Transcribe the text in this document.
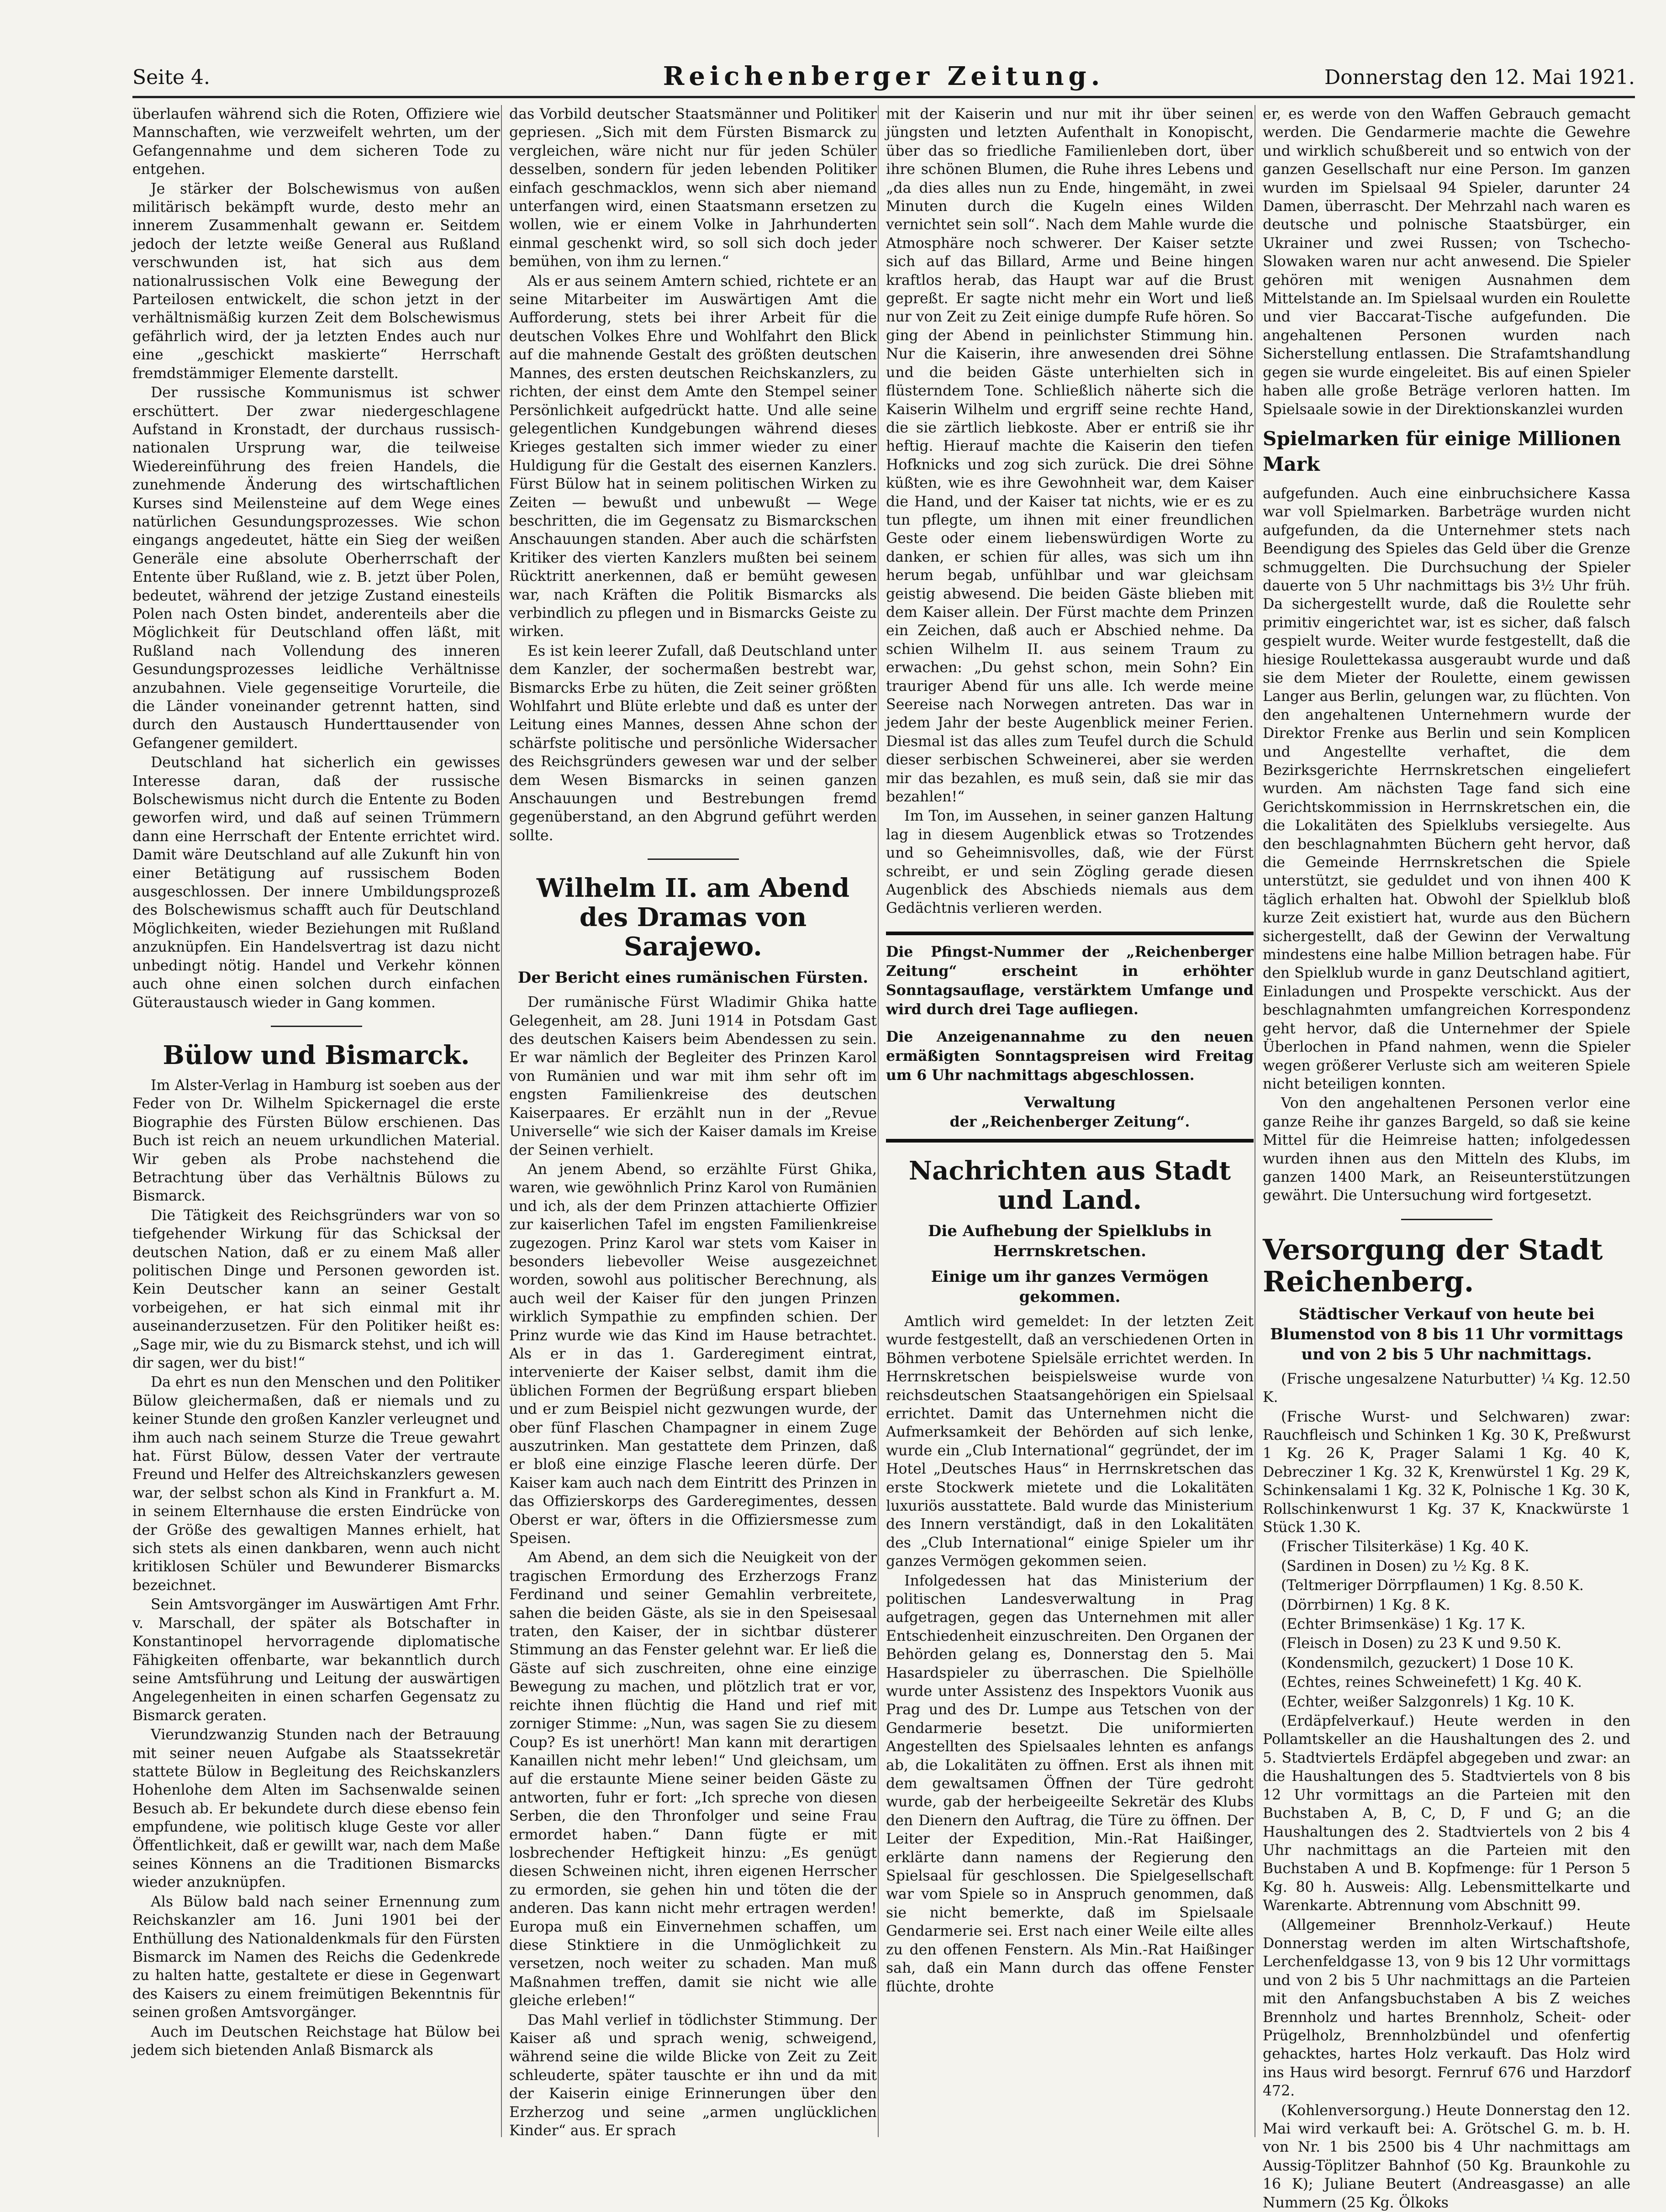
Seite 4.	Reichenberger Zeitung.	Donnerstag den 12. Mai 1921.

überlaufen während sich die Roten, Offiziere wie Mannschaften, wie verzweifelt wehrten, um der Gefangennahme und dem sicheren Tode zu entgehen.

Je stärker der Bolschewismus von außen militärisch bekämpft wurde, desto mehr an innerem Zusammenhalt gewann er. Seitdem jedoch der letzte weiße General aus Rußland verschwunden ist, hat sich aus dem nationalrussischen Volk eine Bewegung der Parteilosen entwickelt, die schon jetzt in der verhältnismäßig kurzen Zeit dem Bolschewismus gefährlich wird, der ja letzten Endes auch nur eine „geschickt maskierte“ Herrschaft fremdstämmiger Elemente darstellt.

Der russische Kommunismus ist schwer erschüttert. Der zwar niedergeschlagene Aufstand in Kronstadt, der durchaus russisch-nationalen Ursprung war, die teilweise Wiedereinführung des freien Handels, die zunehmende Änderung des wirtschaftlichen Kurses sind Meilensteine auf dem Wege eines natürlichen Gesundungsprozesses. Wie schon eingangs angedeutet, hätte ein Sieg der weißen Generäle eine absolute Oberherrschaft der Entente über Rußland, wie z. B. jetzt über Polen, bedeutet, während der jetzige Zustand einesteils Polen nach Osten bindet, anderenteils aber die Möglichkeit für Deutschland offen läßt, mit Rußland nach Vollendung des inneren Gesundungsprozesses leidliche Verhältnisse anzubahnen. Viele gegenseitige Vorurteile, die die Länder voneinander getrennt hatten, sind durch den Austausch Hunderttausender von Gefangener gemildert.

Deutschland hat sicherlich ein gewisses Interesse daran, daß der russische Bolschewismus nicht durch die Entente zu Boden geworfen wird, und daß auf seinen Trümmern dann eine Herrschaft der Entente errichtet wird. Damit wäre Deutschland auf alle Zukunft hin von einer Betätigung auf russischem Boden ausgeschlossen. Der innere Umbildungsprozeß des Bolschewismus schafft auch für Deutschland Möglichkeiten, wieder Beziehungen mit Rußland anzuknüpfen. Ein Handelsvertrag ist dazu nicht unbedingt nötig. Handel und Verkehr können auch ohne einen solchen durch einfachen Güteraustausch wieder in Gang kommen.

Bülow und Bismarck.

Im Alster-Verlag in Hamburg ist soeben aus der Feder von Dr. Wilhelm Spickernagel die erste Biographie des Fürsten Bülow erschienen. Das Buch ist reich an neuem urkundlichen Material. Wir geben als Probe nachstehend die Betrachtung über das Verhältnis Bülows zu Bismarck.

Die Tätigkeit des Reichsgründers war von so tiefgehender Wirkung für das Schicksal der deutschen Nation, daß er zu einem Maß aller politischen Dinge und Personen geworden ist. Kein Deutscher kann an seiner Gestalt vorbeigehen, er hat sich einmal mit ihr auseinanderzusetzen. Für den Politiker heißt es: „Sage mir, wie du zu Bismarck stehst, und ich will dir sagen, wer du bist!“

Da ehrt es nun den Menschen und den Politiker Bülow gleichermaßen, daß er niemals und zu keiner Stunde den großen Kanzler verleugnet und ihm auch nach seinem Sturze die Treue gewahrt hat. Fürst Bülow, dessen Vater der vertraute Freund und Helfer des Altreichskanzlers gewesen war, der selbst schon als Kind in Frankfurt a. M. in seinem Elternhause die ersten Eindrücke von der Größe des gewaltigen Mannes erhielt, hat sich stets als einen dankbaren, wenn auch nicht kritiklosen Schüler und Bewunderer Bismarcks bezeichnet.

Sein Amtsvorgänger im Auswärtigen Amt Frhr. v. Marschall, der später als Botschafter in Konstantinopel hervorragende diplomatische Fähigkeiten offenbarte, war bekanntlich durch seine Amtsführung und Leitung der auswärtigen Angelegenheiten in einen scharfen Gegensatz zu Bismarck geraten.

Vierundzwanzig Stunden nach der Betrauung mit seiner neuen Aufgabe als Staatssekretär stattete Bülow in Begleitung des Reichskanzlers Hohenlohe dem Alten im Sachsenwalde seinen Besuch ab. Er bekundete durch diese ebenso fein empfundene, wie politisch kluge Geste vor aller Öffentlichkeit, daß er gewillt war, nach dem Maße seines Könnens an die Traditionen Bismarcks wieder anzuknüpfen.

Als Bülow bald nach seiner Ernennung zum Reichskanzler am 16. Juni 1901 bei der Enthüllung des Nationaldenkmals für den Fürsten Bismarck im Namen des Reichs die Gedenkrede zu halten hatte, gestaltete er diese in Gegenwart des Kaisers zu einem freimütigen Bekenntnis für seinen großen Amtsvorgänger.

Auch im Deutschen Reichstage hat Bülow bei jedem sich bietenden Anlaß Bismarck als

das Vorbild deutscher Staatsmänner und Politiker gepriesen. „Sich mit dem Fürsten Bismarck zu vergleichen, wäre nicht nur für jeden Schüler desselben, sondern für jeden lebenden Politiker einfach geschmacklos, wenn sich aber niemand unterfangen wird, einen Staatsmann ersetzen zu wollen, wie er einem Volke in Jahrhunderten einmal geschenkt wird, so soll sich doch jeder bemühen, von ihm zu lernen.“

Als er aus seinem Amtern schied, richtete er an seine Mitarbeiter im Auswärtigen Amt die Aufforderung, stets bei ihrer Arbeit für die deutschen Volkes Ehre und Wohlfahrt den Blick auf die mahnende Gestalt des größten deutschen Mannes, des ersten deutschen Reichskanzlers, zu richten, der einst dem Amte den Stempel seiner Persönlichkeit aufgedrückt hatte. Und alle seine gelegentlichen Kundgebungen während dieses Krieges gestalten sich immer wieder zu einer Huldigung für die Gestalt des eisernen Kanzlers. Fürst Bülow hat in seinem politischen Wirken zu Zeiten — bewußt und unbewußt — Wege beschritten, die im Gegensatz zu Bismarckschen Anschauungen standen. Aber auch die schärfsten Kritiker des vierten Kanzlers mußten bei seinem Rücktritt anerkennen, daß er bemüht gewesen war, nach Kräften die Politik Bismarcks als verbindlich zu pflegen und in Bismarcks Geiste zu wirken.

Es ist kein leerer Zufall, daß Deutschland unter dem Kanzler, der sochermaßen bestrebt war, Bismarcks Erbe zu hüten, die Zeit seiner größten Wohlfahrt und Blüte erlebte und daß es unter der Leitung eines Mannes, dessen Ahne schon der schärfste politische und persönliche Widersacher des Reichsgründers gewesen war und der selber dem Wesen Bismarcks in seinen ganzen Anschauungen und Bestrebungen fremd gegenüberstand, an den Abgrund geführt werden sollte.

Wilhelm II. am Abend des Dramas von Sarajewo.
Der Bericht eines rumänischen Fürsten.

Der rumänische Fürst Wladimir Ghika hatte Gelegenheit, am 28. Juni 1914 in Potsdam Gast des deutschen Kaisers beim Abendessen zu sein. Er war nämlich der Begleiter des Prinzen Karol von Rumänien und war mit ihm sehr oft im engsten Familienkreise des deutschen Kaiserpaares. Er erzählt nun in der „Revue Universelle“ wie sich der Kaiser damals im Kreise der Seinen verhielt.

An jenem Abend, so erzählte Fürst Ghika, waren, wie gewöhnlich Prinz Karol von Rumänien und ich, als der dem Prinzen attachierte Offizier zur kaiserlichen Tafel im engsten Familienkreise zugezogen. Prinz Karol war stets vom Kaiser in besonders liebevoller Weise ausgezeichnet worden, sowohl aus politischer Berechnung, als auch weil der Kaiser für den jungen Prinzen wirklich Sympathie zu empfinden schien. Der Prinz wurde wie das Kind im Hause betrachtet. Als er in das 1. Garderegiment eintrat, intervenierte der Kaiser selbst, damit ihm die üblichen Formen der Begrüßung erspart blieben und er zum Beispiel nicht gezwungen wurde, der ober fünf Flaschen Champagner in einem Zuge auszutrinken. Man gestattete dem Prinzen, daß er bloß eine einzige Flasche leeren dürfe. Der Kaiser kam auch nach dem Eintritt des Prinzen in das Offizierskorps des Garderegimentes, dessen Oberst er war, öfters in die Offiziersmesse zum Speisen.

Am Abend, an dem sich die Neuigkeit von der tragischen Ermordung des Erzherzogs Franz Ferdinand und seiner Gemahlin verbreitete, sahen die beiden Gäste, als sie in den Speisesaal traten, den Kaiser, der in sichtbar düsterer Stimmung an das Fenster gelehnt war. Er ließ die Gäste auf sich zuschreiten, ohne eine einzige Bewegung zu machen, und plötzlich trat er vor, reichte ihnen flüchtig die Hand und rief mit zorniger Stimme: „Nun, was sagen Sie zu diesem Coup? Es ist unerhört! Man kann mit derartigen Kanaillen nicht mehr leben!“ Und gleichsam, um auf die erstaunte Miene seiner beiden Gäste zu antworten, fuhr er fort: „Ich spreche von diesen Serben, die den Thronfolger und seine Frau ermordet haben.“ Dann fügte er mit losbrechender Heftigkeit hinzu: „Es genügt diesen Schweinen nicht, ihren eigenen Herrscher zu ermorden, sie gehen hin und töten die der anderen. Das kann nicht mehr ertragen werden! Europa muß ein Einvernehmen schaffen, um diese Stinktiere in die Unmöglichkeit zu versetzen, noch weiter zu schaden. Man muß Maßnahmen treffen, damit sie nicht wie alle gleiche erleben!“

Das Mahl verlief in tödlichster Stimmung. Der Kaiser aß und sprach wenig, schweigend, während seine die wilde Blicke von Zeit zu Zeit schleuderte, später tauschte er ihn und da mit der Kaiserin einige Erinnerungen über den Erzherzog und seine „armen unglücklichen Kinder“ aus. Er sprach

mit der Kaiserin und nur mit ihr über seinen jüngsten und letzten Aufenthalt in Konopischt, über das so friedliche Familienleben dort, über ihre schönen Blumen, die Ruhe ihres Lebens und „da dies alles nun zu Ende, hingemäht, in zwei Minuten durch die Kugeln eines Wilden vernichtet sein soll“. Nach dem Mahle wurde die Atmosphäre noch schwerer. Der Kaiser setzte sich auf das Billard, Arme und Beine hingen kraftlos herab, das Haupt war auf die Brust gepreßt. Er sagte nicht mehr ein Wort und ließ nur von Zeit zu Zeit einige dumpfe Rufe hören. So ging der Abend in peinlichster Stimmung hin. Nur die Kaiserin, ihre anwesenden drei Söhne und die beiden Gäste unterhielten sich in flüsterndem Tone. Schließlich näherte sich die Kaiserin Wilhelm und ergriff seine rechte Hand, die sie zärtlich liebkoste. Aber er entriß sie ihr heftig. Hierauf machte die Kaiserin den tiefen Hofknicks und zog sich zurück. Die drei Söhne küßten, wie es ihre Gewohnheit war, dem Kaiser die Hand, und der Kaiser tat nichts, wie er es zu tun pflegte, um ihnen mit einer freundlichen Geste oder einem liebenswürdigen Worte zu danken, er schien für alles, was sich um ihn herum begab, unfühlbar und war gleichsam geistig abwesend. Die beiden Gäste blieben mit dem Kaiser allein. Der Fürst machte dem Prinzen ein Zeichen, daß auch er Abschied nehme. Da schien Wilhelm II. aus seinem Traum zu erwachen: „Du gehst schon, mein Sohn? Ein trauriger Abend für uns alle. Ich werde meine Seereise nach Norwegen antreten. Das war in jedem Jahr der beste Augenblick meiner Ferien. Diesmal ist das alles zum Teufel durch die Schuld dieser serbischen Schweinerei, aber sie werden mir das bezahlen, es muß sein, daß sie mir das bezahlen!“

Im Ton, im Aussehen, in seiner ganzen Haltung lag in diesem Augenblick etwas so Trotzendes und so Geheimnisvolles, daß, wie der Fürst schreibt, er und sein Zögling gerade diesen Augenblick des Abschieds niemals aus dem Gedächtnis verlieren werden.

Die Pfingst-Nummer der „Reichenberger Zeitung“ erscheint in erhöhter Sonntagsauflage, verstärktem Umfange und wird durch drei Tage aufliegen.

Die Anzeigenannahme zu den neuen ermäßigten Sonntagspreisen wird Freitag um 6 Uhr nachmittags abgeschlossen.

Verwaltung

der „Reichenberger Zeitung“.

Nachrichten aus Stadt und Land.
Die Aufhebung der Spielklubs in Herrnskretschen.
Einige um ihr ganzes Vermögen gekommen.

Amtlich wird gemeldet: In der letzten Zeit wurde festgestellt, daß an verschiedenen Orten in Böhmen verbotene Spielsäle errichtet werden. In Herrnskretschen beispielsweise wurde von reichsdeutschen Staatsangehörigen ein Spielsaal errichtet. Damit das Unternehmen nicht die Aufmerksamkeit der Behörden auf sich lenke, wurde ein „Club International“ gegründet, der im Hotel „Deutsches Haus“ in Herrnskretschen das erste Stockwerk mietete und die Lokalitäten luxuriös ausstattete. Bald wurde das Ministerium des Innern verständigt, daß in den Lokalitäten des „Club International“ einige Spieler um ihr ganzes Vermögen gekommen seien.

Infolgedessen hat das Ministerium der politischen Landesverwaltung in Prag aufgetragen, gegen das Unternehmen mit aller Entschiedenheit einzuschreiten. Den Organen der Behörden gelang es, Donnerstag den 5. Mai Hasardspieler zu überraschen. Die Spielhölle wurde unter Assistenz des Inspektors Vuonik aus Prag und des Dr. Lumpe aus Tetschen von der Gendarmerie besetzt. Die uniformierten Angestellten des Spielsaales lehnten es anfangs ab, die Lokalitäten zu öffnen. Erst als ihnen mit dem gewaltsamen Öffnen der Türe gedroht wurde, gab der herbeigeeilte Sekretär des Klubs den Dienern den Auftrag, die Türe zu öffnen. Der Leiter der Expedition, Min.-Rat Haißinger, erklärte dann namens der Regierung den Spielsaal für geschlossen. Die Spielgesellschaft war vom Spiele so in Anspruch genommen, daß sie nicht bemerkte, daß im Spielsaale Gendarmerie sei. Erst nach einer Weile eilte alles zu den offenen Fenstern. Als Min.-Rat Haißinger sah, daß ein Mann durch das offene Fenster flüchte, drohte

er, es werde von den Waffen Gebrauch gemacht werden. Die Gendarmerie machte die Gewehre und wirklich schußbereit und so entwich von der ganzen Gesellschaft nur eine Person. Im ganzen wurden im Spielsaal 94 Spieler, darunter 24 Damen, überrascht. Der Mehrzahl nach waren es deutsche und polnische Staatsbürger, ein Ukrainer und zwei Russen; von Tschecho-Slowaken waren nur acht anwesend. Die Spieler gehören mit wenigen Ausnahmen dem Mittelstande an. Im Spielsaal wurden ein Roulette und vier Baccarat-Tische aufgefunden. Die angehaltenen Personen wurden nach Sicherstellung entlassen. Die Strafamtshandlung gegen sie wurde eingeleitet. Bis auf einen Spieler haben alle große Beträge verloren hatten. Im Spielsaale sowie in der Direktionskanzlei wurden

Spielmarken für einige Millionen Mark

aufgefunden. Auch eine einbruchsichere Kassa war voll Spielmarken. Barbeträge wurden nicht aufgefunden, da die Unternehmer stets nach Beendigung des Spieles das Geld über die Grenze schmuggelten. Die Durchsuchung der Spieler dauerte von 5 Uhr nachmittags bis 3½ Uhr früh. Da sichergestellt wurde, daß die Roulette sehr primitiv eingerichtet war, ist es sicher, daß falsch gespielt wurde. Weiter wurde festgestellt, daß die hiesige Roulettekassa ausgeraubt wurde und daß sie dem Mieter der Roulette, einem gewissen Langer aus Berlin, gelungen war, zu flüchten. Von den angehaltenen Unternehmern wurde der Direktor Frenke aus Berlin und sein Komplicen und Angestellte verhaftet, die dem Bezirksgerichte Herrnskretschen eingeliefert wurden. Am nächsten Tage fand sich eine Gerichtskommission in Herrnskretschen ein, die die Lokalitäten des Spielklubs versiegelte. Aus den beschlagnahmten Büchern geht hervor, daß die Gemeinde Herrnskretschen die Spiele unterstützt, sie geduldet und von ihnen 400 K täglich erhalten hat. Obwohl der Spielklub bloß kurze Zeit existiert hat, wurde aus den Büchern sichergestellt, daß der Gewinn der Verwaltung mindestens eine halbe Million betragen habe. Für den Spielklub wurde in ganz Deutschland agitiert, Einladungen und Prospekte verschickt. Aus der beschlagnahmten umfangreichen Korrespondenz geht hervor, daß die Unternehmer der Spiele Überlochen in Pfand nahmen, wenn die Spieler wegen größerer Verluste sich am weiteren Spiele nicht beteiligen konnten.

Von den angehaltenen Personen verlor eine ganze Reihe ihr ganzes Bargeld, so daß sie keine Mittel für die Heimreise hatten; infolgedessen wurden ihnen aus den Mitteln des Klubs, im ganzen 1400 Mark, an Reiseunterstützungen gewährt. Die Untersuchung wird fortgesetzt.

Versorgung der Stadt Reichenberg.
Städtischer Verkauf von heute bei Blumenstod von 8 bis 11 Uhr vormittags und von 2 bis 5 Uhr nachmittags.

(Frische ungesalzene Naturbutter) ¼ Kg. 12.50 K.

(Frische Wurst- und Selchwaren) zwar: Rauchfleisch und Schinken 1 Kg. 30 K, Preßwurst 1 Kg. 26 K, Prager Salami 1 Kg. 40 K, Debrecziner 1 Kg. 32 K, Krenwürstel 1 Kg. 29 K, Schinkensalami 1 Kg. 32 K, Polnische 1 Kg. 30 K, Rollschinkenwurst 1 Kg. 37 K, Knackwürste 1 Stück 1.30 K.

(Frischer Tilsiterkäse) 1 Kg. 40 K.

(Sardinen in Dosen) zu ½ Kg. 8 K.

(Teltmeriger Dörrpflaumen) 1 Kg. 8.50 K.

(Dörrbirnen) 1 Kg. 8 K.

(Echter Brimsenkäse) 1 Kg. 17 K.

(Fleisch in Dosen) zu 23 K und 9.50 K.

(Kondensmilch, gezuckert) 1 Dose 10 K.

(Echtes, reines Schweinefett) 1 Kg. 40 K.

(Echter, weißer Salzgonrels) 1 Kg. 10 K.

(Erdäpfelverkauf.) Heute werden in den Pollamtskeller an die Haushaltungen des 2. und 5. Stadtviertels Erdäpfel abgegeben und zwar: an die Haushaltungen des 5. Stadtviertels von 8 bis 12 Uhr vormittags an die Parteien mit den Buchstaben A, B, C, D, F und G; an die Haushaltungen des 2. Stadtviertels von 2 bis 4 Uhr nachmittags an die Parteien mit den Buchstaben A und B. Kopfmenge: für 1 Person 5 Kg. 80 h. Ausweis: Allg. Lebensmittelkarte und Warenkarte. Abtrennung vom Abschnitt 99.

(Allgemeiner Brennholz-Verkauf.) Heute Donnerstag werden im alten Wirtschaftshofe, Lerchenfeldgasse 13, von 9 bis 12 Uhr vormittags und von 2 bis 5 Uhr nachmittags an die Parteien mit den Anfangsbuchstaben A bis Z weiches Brennholz und hartes Brennholz, Scheit- oder Prügelholz, Brennholzbündel und ofenfertig gehacktes, hartes Holz verkauft. Das Holz wird ins Haus wird besorgt. Fernruf 676 und Harzdorf 472.

(Kohlenversorgung.) Heute Donnerstag den 12. Mai wird verkauft bei: A. Grötschel G. m. b. H. von Nr. 1 bis 2500 bis 4 Uhr nachmittags am Aussig-Töplitzer Bahnhof (50 Kg. Braunkohle zu 16 K); Juliane Beutert (Andreasgasse) an alle Nummern (25 Kg. Ölkoks
